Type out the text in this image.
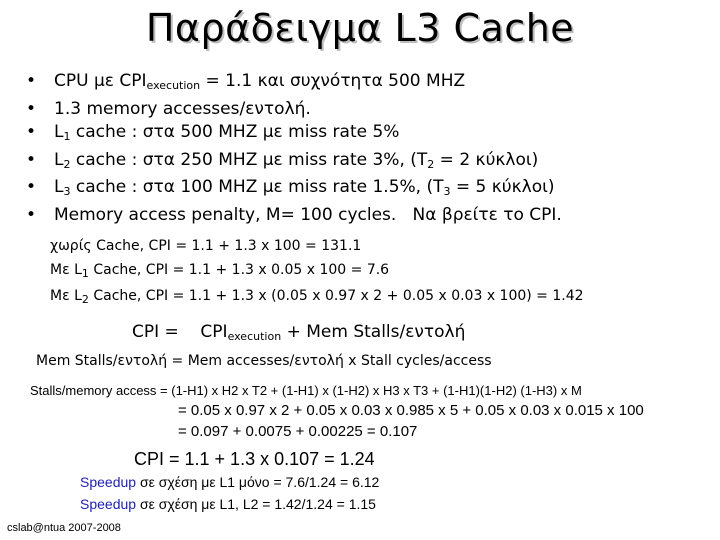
Παράδειγμα L3 Cache
• CPU με $CPI_{execution} = 1.1$ και συχνότητα 500 MHZ
• 1.3 memory accesses/εντολή.
• $L_1$ cache : στα 500 MHZ με miss rate 5%
• $L_2$ cache : στα 250 MHZ με miss rate 3%, ($T_2 = 2$ κύκλοι)
• $L_3$ cache : στα 100 MHZ με miss rate 1.5%, ($T_3 = 5$ κύκλοι)
• Memory access penalty, M= 100 cycles. Να βρείτε το CPI.
χωρίς Cache, CPI = 1.1 + 1.3 x 100 = 131.1
Με $L_1$ Cache, CPI = 1.1 + 1.3 x 0.05 x 100 = 7.6
Με $L_2$ Cache, CPI = 1.1 + 1.3 x (0.05 x 0.97 x 2 + 0.05 x 0.03 x 100) = 1.42
CPI = $CPI_{execution}$ + Mem Stalls/εντολή
Mem Stalls/εντολή = Mem accesses/εντολή x Stall cycles/access
Stalls/memory access = (1-H1) x H2 x T2 + (1-H1) x (1-H2) x H3 x T3 + (1-H1)(1-H2) (1-H3) x M
= 0.05 x 0.97 x 2 + 0.05 x 0.03 x 0.985 x 5 + 0.05 x 0.03 x 0.015 x 100
= 0.097 + 0.0075 + 0.00225 = 0.107
CPI = 1.1 + 1.3 x 0.107 = 1.24
Speedup σε σχέση με L1 μόνο = 7.6/1.24 = 6.12
Speedup σε σχέση με L1, L2 = 1.42/1.24 = 1.15
cslab@ntua 2007-2008
